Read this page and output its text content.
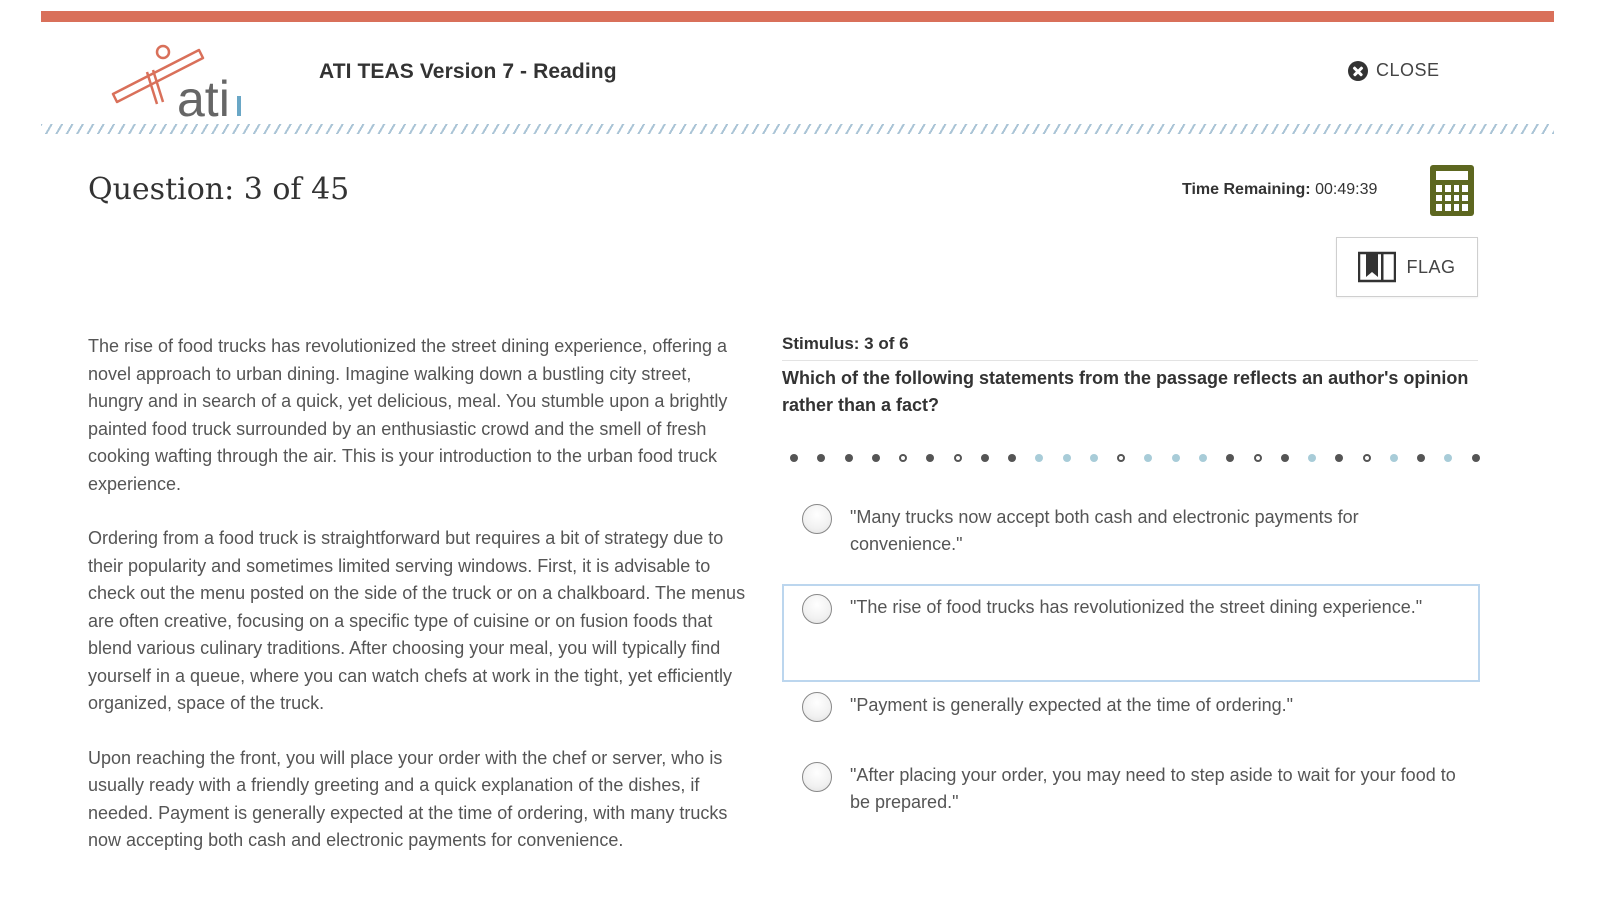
ati	ATI TEAS Version 7 - Reading	CLOSE
Question: 3 of 45	Time Remaining: 00:49:39
FLAG

The rise of food trucks has revolutionized the street dining experience, offering a novel approach to urban dining. Imagine walking down a bustling city street, hungry and in search of a quick, yet delicious, meal. You stumble upon a brightly painted food truck surrounded by an enthusiastic crowd and the smell of fresh cooking wafting through the air. This is your introduction to the urban food truck experience.

Ordering from a food truck is straightforward but requires a bit of strategy due to their popularity and sometimes limited serving windows. First, it is advisable to check out the menu posted on the side of the truck or on a chalkboard. The menus are often creative, focusing on a specific type of cuisine or on fusion foods that blend various culinary traditions. After choosing your meal, you will typically find yourself in a queue, where you can watch chefs at work in the tight, yet efficiently organized, space of the truck.

Upon reaching the front, you will place your order with the chef or server, who is usually ready with a friendly greeting and a quick explanation of the dishes, if needed. Payment is generally expected at the time of ordering, with many trucks now accepting both cash and electronic payments for convenience.

Stimulus: 3 of 6
Which of the following statements from the passage reflects an author's opinion rather than a fact?
"Many trucks now accept both cash and electronic payments for convenience."
"The rise of food trucks has revolutionized the street dining experience."
"Payment is generally expected at the time of ordering."
"After placing your order, you may need to step aside to wait for your food to be prepared."
